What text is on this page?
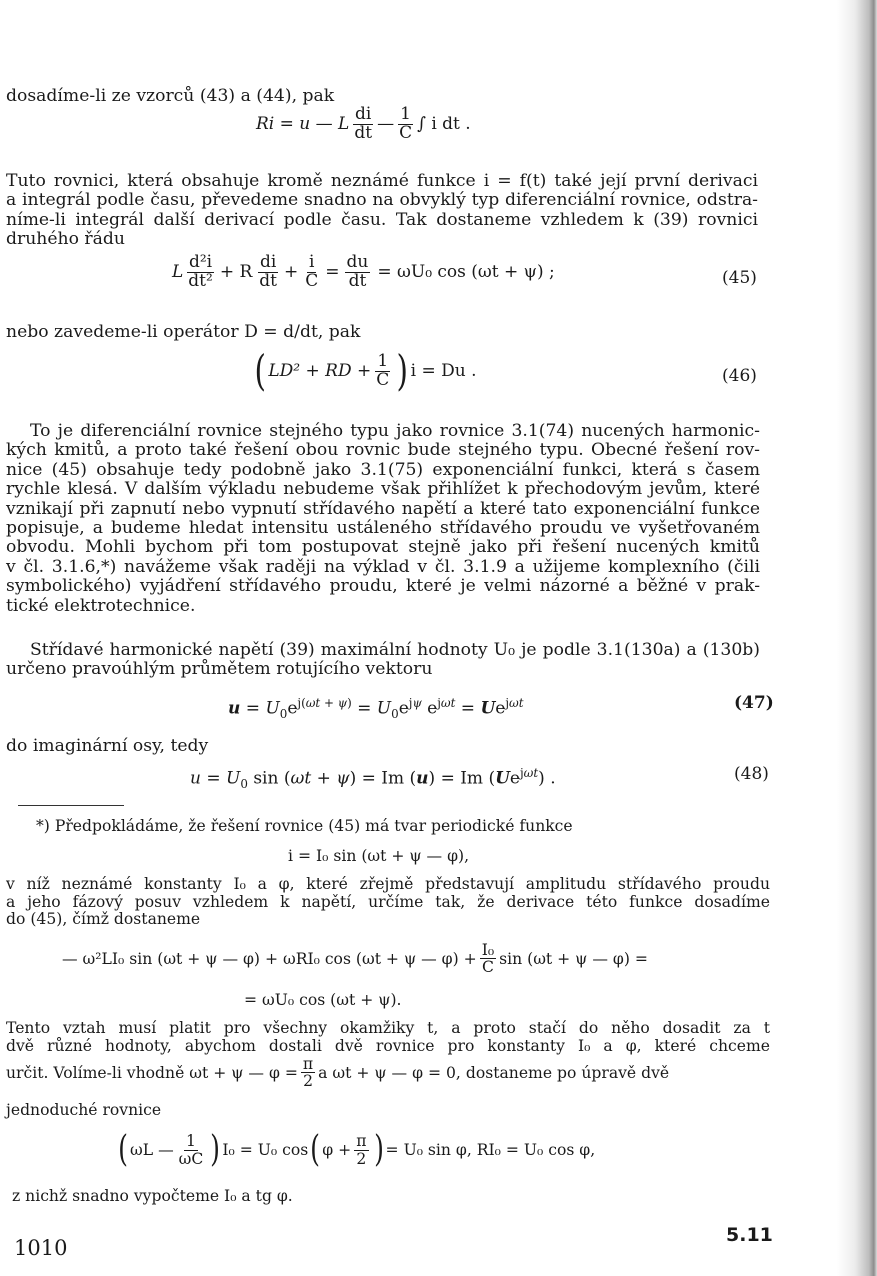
dosadíme-li ze vzorců (43) a (44), pak
Ri = u — L $\frac{di}{dt}$ — $\frac{1}{C}$ ∫ i dt .
Tuto rovnici, která obsahuje kromě neznámé funkce i = f(t) také její první derivaci
a integrál podle času, převedeme snadno na obvyklý typ diferenciální rovnice, odstra-
níme-li integrál další derivací podle času. Tak dostaneme vzhledem k (39) rovnici
druhého řádu
L $\frac{\text{d²i}}{\text{dt²}} + R \frac{di}{dt} + \frac{i}{C} = \frac{du}{dt} = \omega U_0$ cos (ωt + ψ) ;	(45)
nebo zavedeme-li operátor D = d/dt, pak
( LD² + RD + $\frac{1}{C}$ ) i = Du .	(46)
To je diferenciální rovnice stejného typu jako rovnice 3.1(74) nucených harmonic-
kých kmitů, a proto také řešení obou rovnic bude stejného typu. Obecné řešení rov-
nice (45) obsahuje tedy podobně jako 3.1(75) exponenciální funkci, která s časem
rychle klesá. V dalším výkladu nebudeme však přihlížet k přechodovým jevům, které
vznikají při zapnutí nebo vypnutí střídavého napětí a které tato exponenciální funkce
popisuje, a budeme hledat intensitu ustáleného střídavého proudu ve vyšetřovaném
obvodu. Mohli bychom při tom postupovat stejně jako při řešení nucených kmitů
v čl. 3.1.6,*) navážeme však raději na výklad v čl. 3.1.9 a užijeme komplexního (čili
symbolického) vyjádření střídavého proudu, které je velmi názorné a běžné v prak-
tické elektrotechnice.
Střídavé harmonické napětí (39) maximální hodnoty U₀ je podle 3.1(130a) a (130b)
určeno pravoúhlým průmětem rotujícího vektoru
$u = U_0e^{j(\omega t + \psi)} = U_0e^{j\psi}$ $e^{j\omega t} = Ue^{j\omega t}$	(47)
do imaginární osy, tedy
$u = U_0$ sin (ωt + ψ) = Im (u) = Im $(Ue^{j\omega t})$ .	(48)
*) Předpokládáme, že řešení rovnice (45) má tvar periodické funkce
i = I₀ sin (ωt + ψ — φ),
v níž neznámé konstanty I₀ a φ, které zřejmě představují amplitudu střídavého proudu
a jeho fázový posuv vzhledem k napětí, určíme tak, že derivace této funkce dosadíme
do (45), čímž dostaneme
— ω²LI₀ sin (ωt + ψ — φ) + ωRI₀ cos (ωt + ψ — $\varphi) + \frac{\text{I₀}}{C}$ sin (ωt + ψ — φ) =
= ωU₀ cos (ωt + ψ).
Tento vztah musí platit pro všechny okamžiky t, a proto stačí do něho dosadit za t
dvě různé hodnoty, abychom dostali dvě rovnice pro konstanty I₀ a φ, které chceme
určit. Volíme-li vhodně ωt + ψ — $\varphi = \frac{\pi}{2}$ a ωt + ψ — φ = 0, dostaneme po úpravě dvě
jednoduché rovnice
( ωL — $\frac{1}{\omega C}$ ) I₀ = U₀ cos ( $\varphi + \frac{\pi}{2}$ ) = U₀ sin φ, RI₀ = U₀ cos φ,
z nichž snadno vypočteme I₀ a tg φ.
1010
5.11
